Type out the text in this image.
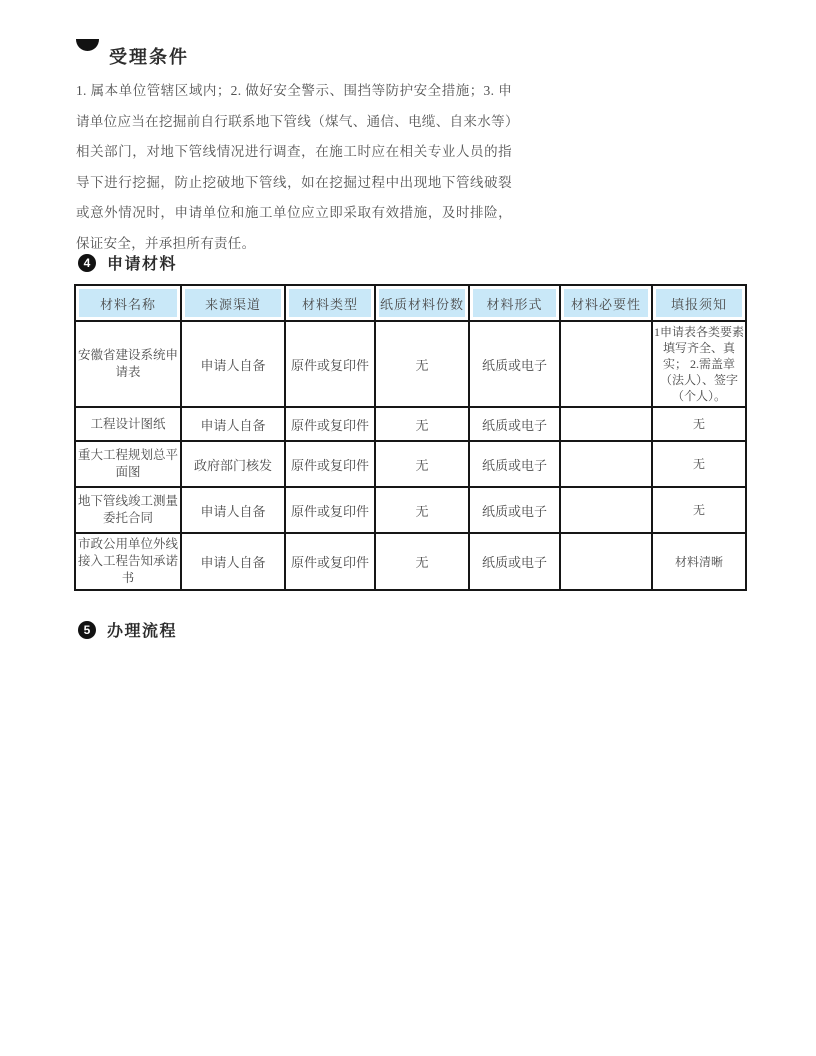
受理条件

1. 属本单位管辖区域内；2. 做好安全警示、围挡等防护安全措施；3. 申请单位应当在挖掘前自行联系地下管线（煤气、通信、电缆、自来水等）相关部门，对地下管线情况进行调查，在施工时应在相关专业人员的指导下进行挖掘，防止挖破地下管线，如在挖掘过程中出现地下管线破裂或意外情况时，申请单位和施工单位应立即采取有效措施，及时排险，保证安全，并承担所有责任。

4	申请材料
材料名称	来源渠道	材料类型	纸质材料份数	材料形式	材料必要性	填报须知
安徽省建设系统申请表	申请人自备	原件或复印件	无	纸质或电子		1申请表各类要素填写齐全、真实； 2.需盖章（法人）、签字（个人）。
工程设计图纸	申请人自备	原件或复印件	无	纸质或电子		无
重大工程规划总平面图	政府部门核发	原件或复印件	无	纸质或电子		无
地下管线竣工测量委托合同	申请人自备	原件或复印件	无	纸质或电子		无
市政公用单位外线接入工程告知承诺书	申请人自备	原件或复印件	无	纸质或电子		材料清晰
5	办理流程
